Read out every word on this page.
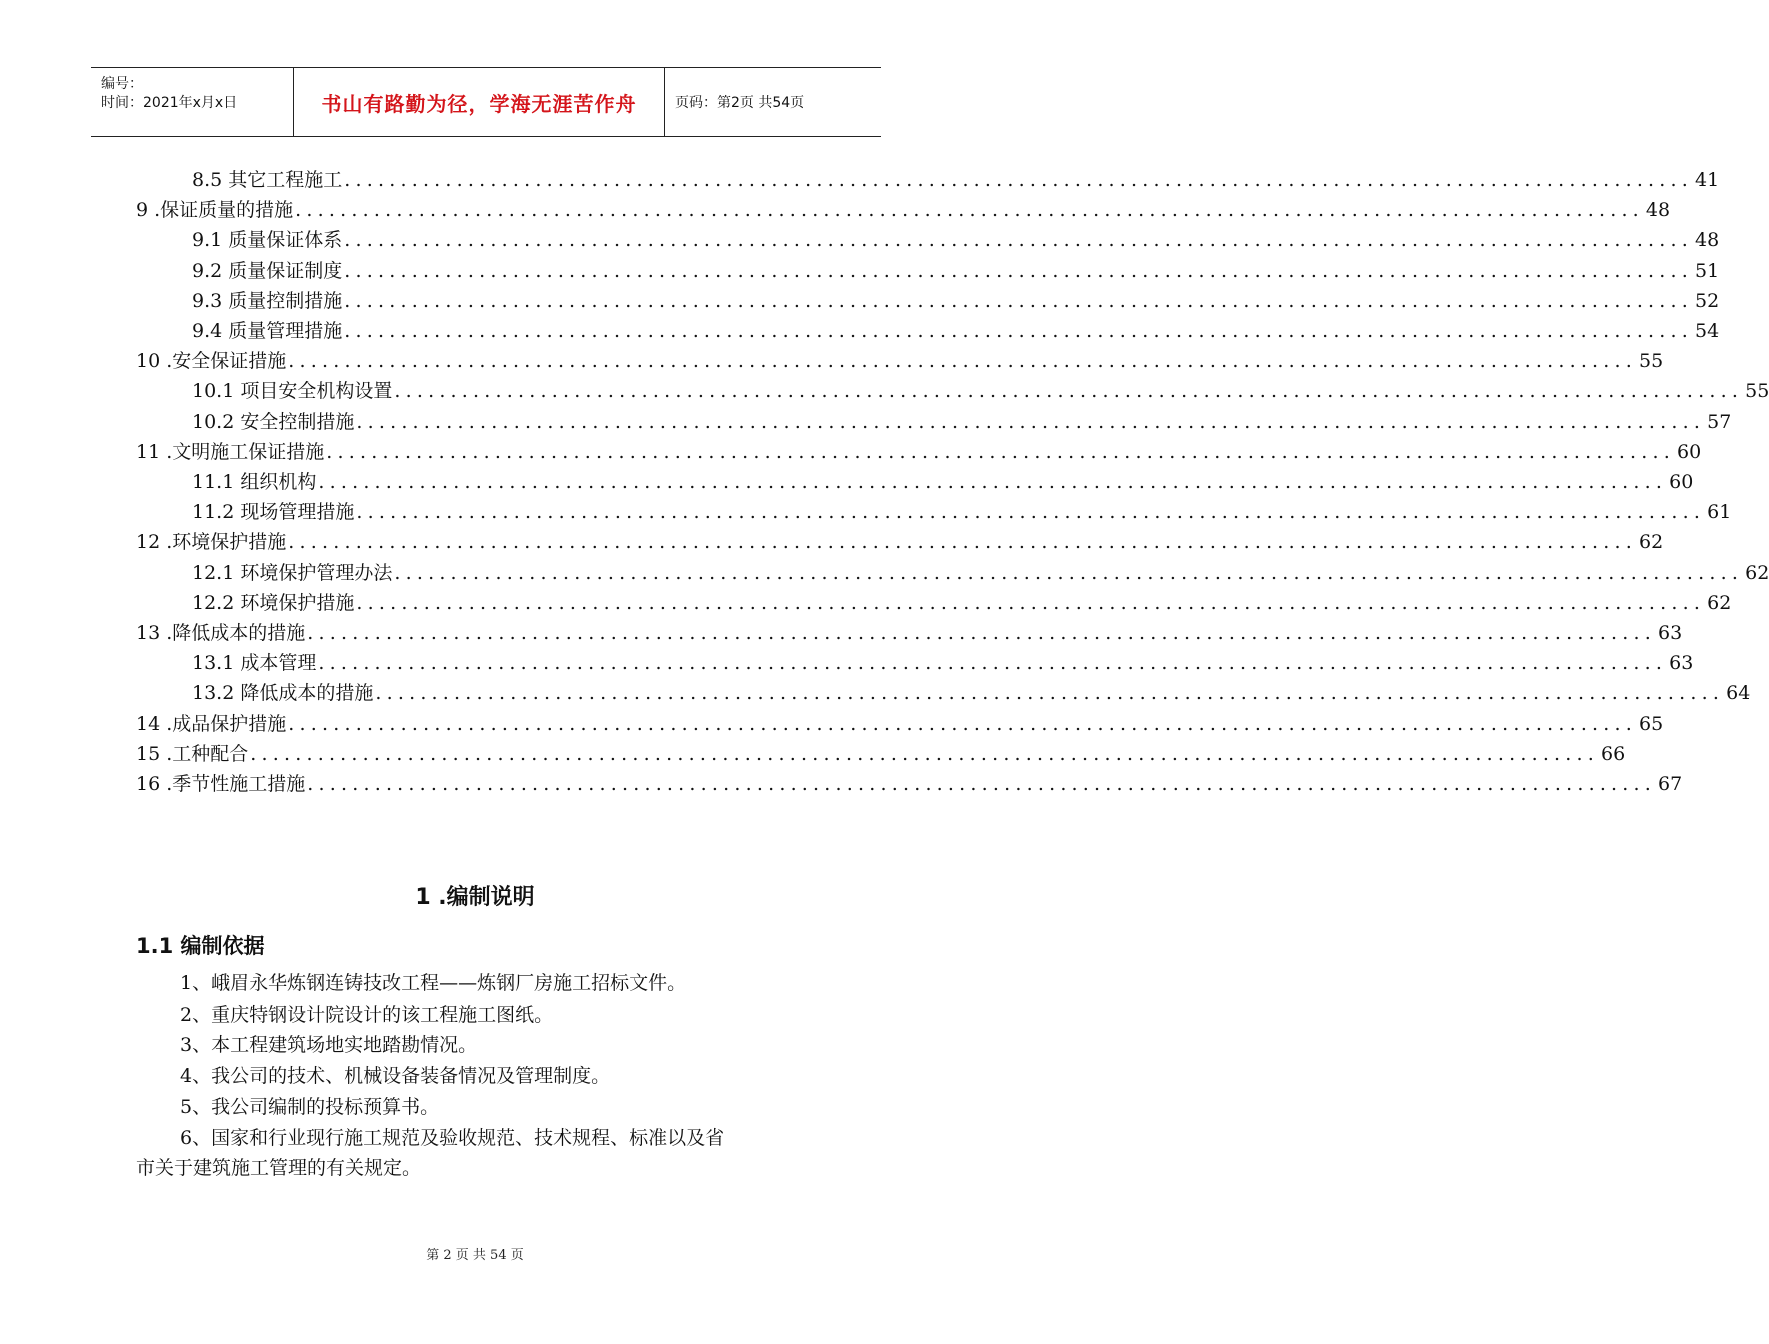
编号：
时间：2021年x月x日	书山有路勤为径，学海无涯苦作舟	页码：第2页 共54页
8.5 其它工程施工 ........................................................................................................................ 41
9 .保证质量的措施 ........................................................................................................................ 48
9.1 质量保证体系 ........................................................................................................................ 48
9.2 质量保证制度 ........................................................................................................................ 51
9.3 质量控制措施 ........................................................................................................................ 52
9.4 质量管理措施 ........................................................................................................................ 54
10 .安全保证措施 ........................................................................................................................ 55
10.1 项目安全机构设置 ........................................................................................................................ 55
10.2 安全控制措施 ........................................................................................................................ 57
11 .文明施工保证措施 ........................................................................................................................ 60
11.1 组织机构 ........................................................................................................................ 60
11.2 现场管理措施 ........................................................................................................................ 61
12 .环境保护措施 ........................................................................................................................ 62
12.1 环境保护管理办法 ........................................................................................................................ 62
12.2 环境保护措施 ........................................................................................................................ 62
13 .降低成本的措施 ........................................................................................................................ 63
13.1 成本管理 ........................................................................................................................ 63
13.2 降低成本的措施 ........................................................................................................................ 64
14 .成品保护措施 ........................................................................................................................ 65
15 .工种配合 ........................................................................................................................ 66
16 .季节性施工措施 ........................................................................................................................ 67
1 .编制说明
1.1 编制依据
1、峨眉永华炼钢连铸技改工程——炼钢厂房施工招标文件。
2、重庆特钢设计院设计的该工程施工图纸。
3、本工程建筑场地实地踏勘情况。
4、我公司的技术、机械设备装备情况及管理制度。
5、我公司编制的投标预算书。
6、国家和行业现行施工规范及验收规范、技术规程、标准以及省
市关于建筑施工管理的有关规定。
第 2 页 共 54 页
